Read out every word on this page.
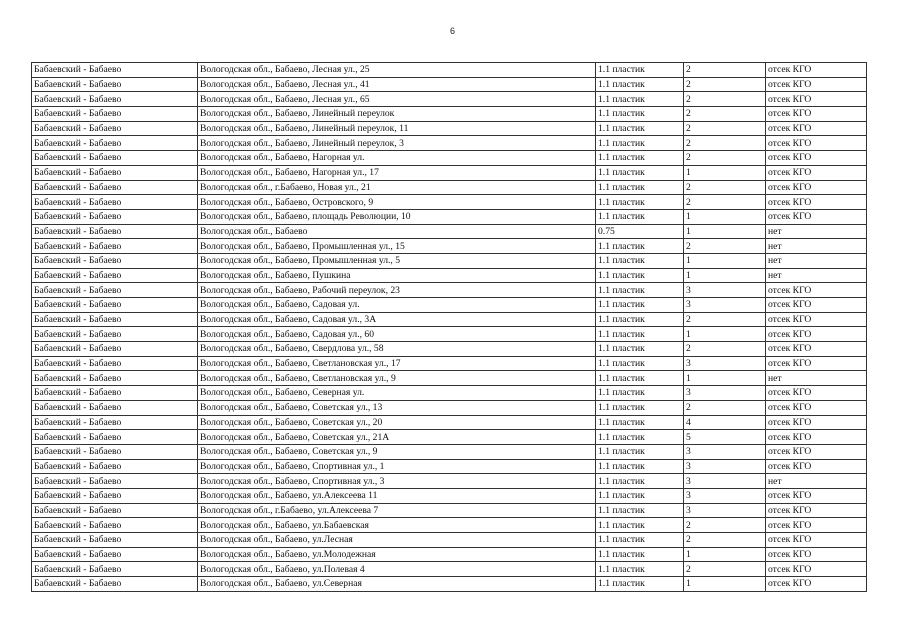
6
Бабаевский - Бабаево	Вологодская обл., Бабаево, Лесная ул., 25	1.1 пластик	2	отсек КГО
Бабаевский - Бабаево	Вологодская обл., Бабаево, Лесная ул., 41	1.1 пластик	2	отсек КГО
Бабаевский - Бабаево	Вологодская обл., Бабаево, Лесная ул., 65	1.1 пластик	2	отсек КГО
Бабаевский - Бабаево	Вологодская обл., Бабаево, Линейный переулок	1.1 пластик	2	отсек КГО
Бабаевский - Бабаево	Вологодская обл., Бабаево, Линейный переулок, 11	1.1 пластик	2	отсек КГО
Бабаевский - Бабаево	Вологодская обл., Бабаево, Линейный переулок, 3	1.1 пластик	2	отсек КГО
Бабаевский - Бабаево	Вологодская обл., Бабаево, Нагорная ул.	1.1 пластик	2	отсек КГО
Бабаевский - Бабаево	Вологодская обл., Бабаево, Нагорная ул., 17	1.1 пластик	1	отсек КГО
Бабаевский - Бабаево	Вологодская обл., г.Бабаево, Новая ул., 21	1.1 пластик	2	отсек КГО
Бабаевский - Бабаево	Вологодская обл., Бабаево, Островского, 9	1.1 пластик	2	отсек КГО
Бабаевский - Бабаево	Вологодская обл., Бабаево, площадь Революции, 10	1.1 пластик	1	отсек КГО
Бабаевский - Бабаево	Вологодская обл., Бабаево	0.75	1	нет
Бабаевский - Бабаево	Вологодская обл., Бабаево, Промышленная ул., 15	1.1 пластик	2	нет
Бабаевский - Бабаево	Вологодская обл., Бабаево, Промышленная ул., 5	1.1 пластик	1	нет
Бабаевский - Бабаево	Вологодская обл., Бабаево, Пушкина	1.1 пластик	1	нет
Бабаевский - Бабаево	Вологодская обл., Бабаево, Рабочий переулок, 23	1.1 пластик	3	отсек КГО
Бабаевский - Бабаево	Вологодская обл., Бабаево, Садовая ул.	1.1 пластик	3	отсек КГО
Бабаевский - Бабаево	Вологодская обл., Бабаево, Садовая ул., 3А	1.1 пластик	2	отсек КГО
Бабаевский - Бабаево	Вологодская обл., Бабаево, Садовая ул., 60	1.1 пластик	1	отсек КГО
Бабаевский - Бабаево	Вологодская обл., Бабаево, Свердлова ул., 58	1.1 пластик	2	отсек КГО
Бабаевский - Бабаево	Вологодская обл., Бабаево, Светлановская ул., 17	1.1 пластик	3	отсек КГО
Бабаевский - Бабаево	Вологодская обл., Бабаево, Светлановская ул., 9	1.1 пластик	1	нет
Бабаевский - Бабаево	Вологодская обл., Бабаево, Северная ул.	1.1 пластик	3	отсек КГО
Бабаевский - Бабаево	Вологодская обл., Бабаево, Советская ул., 13	1.1 пластик	2	отсек КГО
Бабаевский - Бабаево	Вологодская обл., Бабаево, Советская ул., 20	1.1 пластик	4	отсек КГО
Бабаевский - Бабаево	Вологодская обл., Бабаево, Советская ул., 21А	1.1 пластик	5	отсек КГО
Бабаевский - Бабаево	Вологодская обл., Бабаево, Советская ул., 9	1.1 пластик	3	отсек КГО
Бабаевский - Бабаево	Вологодская обл., Бабаево, Спортивная ул., 1	1.1 пластик	3	отсек КГО
Бабаевский - Бабаево	Вологодская обл., Бабаево, Спортивная ул., 3	1.1 пластик	3	нет
Бабаевский - Бабаево	Вологодская обл., Бабаево, ул.Алексеева 11	1.1 пластик	3	отсек КГО
Бабаевский - Бабаево	Вологодская обл., г.Бабаево, ул.Алексеева 7	1.1 пластик	3	отсек КГО
Бабаевский - Бабаево	Вологодская обл., Бабаево, ул.Бабаевская	1.1 пластик	2	отсек КГО
Бабаевский - Бабаево	Вологодская обл., Бабаево, ул.Лесная	1.1 пластик	2	отсек КГО
Бабаевский - Бабаево	Вологодская обл., Бабаево, ул.Молодежная	1.1 пластик	1	отсек КГО
Бабаевский - Бабаево	Вологодская обл., Бабаево, ул.Полевая 4	1.1 пластик	2	отсек КГО
Бабаевский - Бабаево	Вологодская обл., Бабаево, ул.Северная	1.1 пластик	1	отсек КГО
